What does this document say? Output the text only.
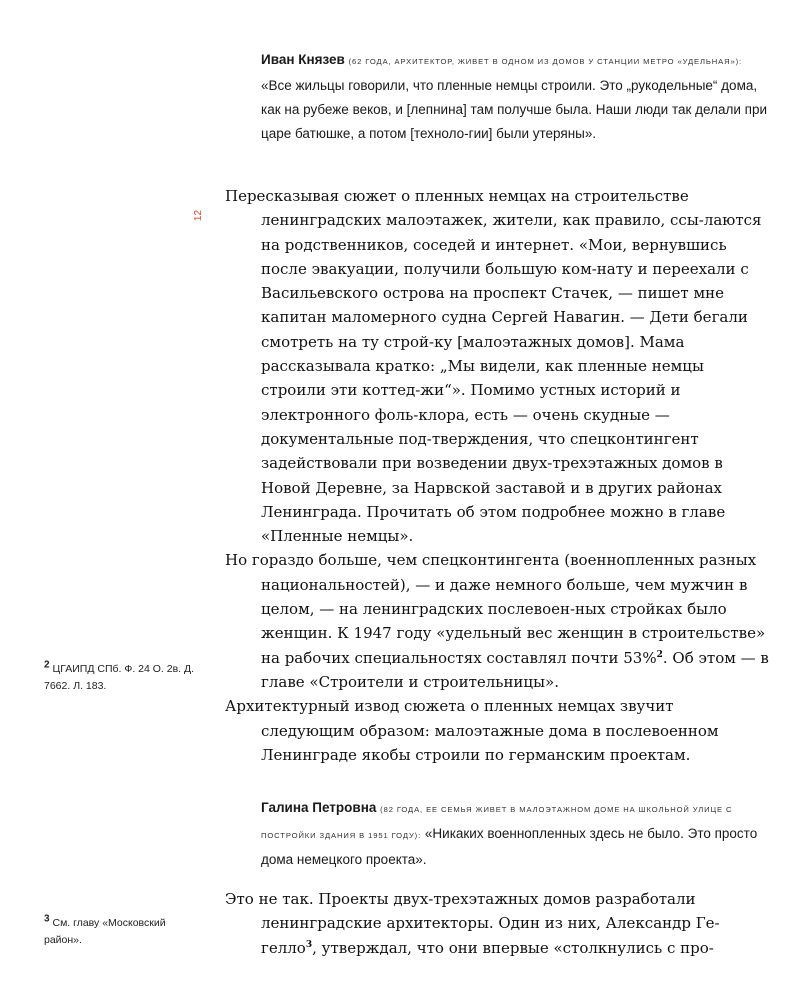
Иван Князев (62 ГОДА, АРХИТЕКТОР, ЖИВЕТ В ОДНОМ ИЗ ДОМОВ У СТАНЦИИ МЕТРО «УДЕЛЬНАЯ»): «Все жильцы говорили, что пленные немцы строили. Это „рукодельные“ дома, как на рубеже веков, и [лепнина] там получше была. Наши люди так делали при царе батюшке, а потом [техноло-гии] были утеряны».
12

Пересказывая сюжет о пленных немцах на строительстве ленинградских малоэтажек, жители, как правило, ссы-лаются на родственников, соседей и интернет. «Мои, вернувшись после эвакуации, получили большую ком-нату и переехали с Васильевского острова на проспект Стачек, — пишет мне капитан маломерного судна Сергей Навагин. — Дети бегали смотреть на ту строй-ку [малоэтажных домов]. Мама рассказывала кратко: „Мы видели, как пленные немцы строили эти коттед-жи“». Помимо устных историй и электронного фоль-клора, есть — очень скудные — документальные под-тверждения, что спецконтингент задействовали при возведении двух-трехэтажных домов в Новой Деревне, за Нарвской заставой и в других районах Ленинграда. Прочитать об этом подробнее можно в главе «Пленные немцы».

Но гораздо больше, чем спецконтингента (военнопленных разных национальностей), — и даже немного больше, чем мужчин в целом, — на ленинградских послевоен-ных стройках было женщин. К 1947 году «удельный вес женщин в строительстве» на рабочих специальностях составлял почти 53%$^2$. Об этом — в главе «Строители и строительницы».

Архитектурный извод сюжета о пленных немцах звучит следующим образом: малоэтажные дома в послевоенном Ленинграде якобы строили по германским проектам.

Галина Петровна (82 ГОДА, ЕЕ СЕМЬЯ ЖИВЕТ В МАЛОЭТАЖНОМ ДОМЕ НА ШКОЛЬНОЙ УЛИЦЕ С ПОСТРОЙКИ ЗДАНИЯ В 1951 ГОДУ): «Никаких военнопленных здесь не было. Это просто дома немецкого проекта».

Это не так. Проекты двух-трехэтажных домов разработали ленинградские архитекторы. Один из них, Александр Ге-гелло$^3$, утверждал, что они впервые «столкнулись с про-

2 ЦГАИПД СПб. Ф. 24 О. 2в. Д. 7662. Л. 183.
3 См. главу «Московский район».
